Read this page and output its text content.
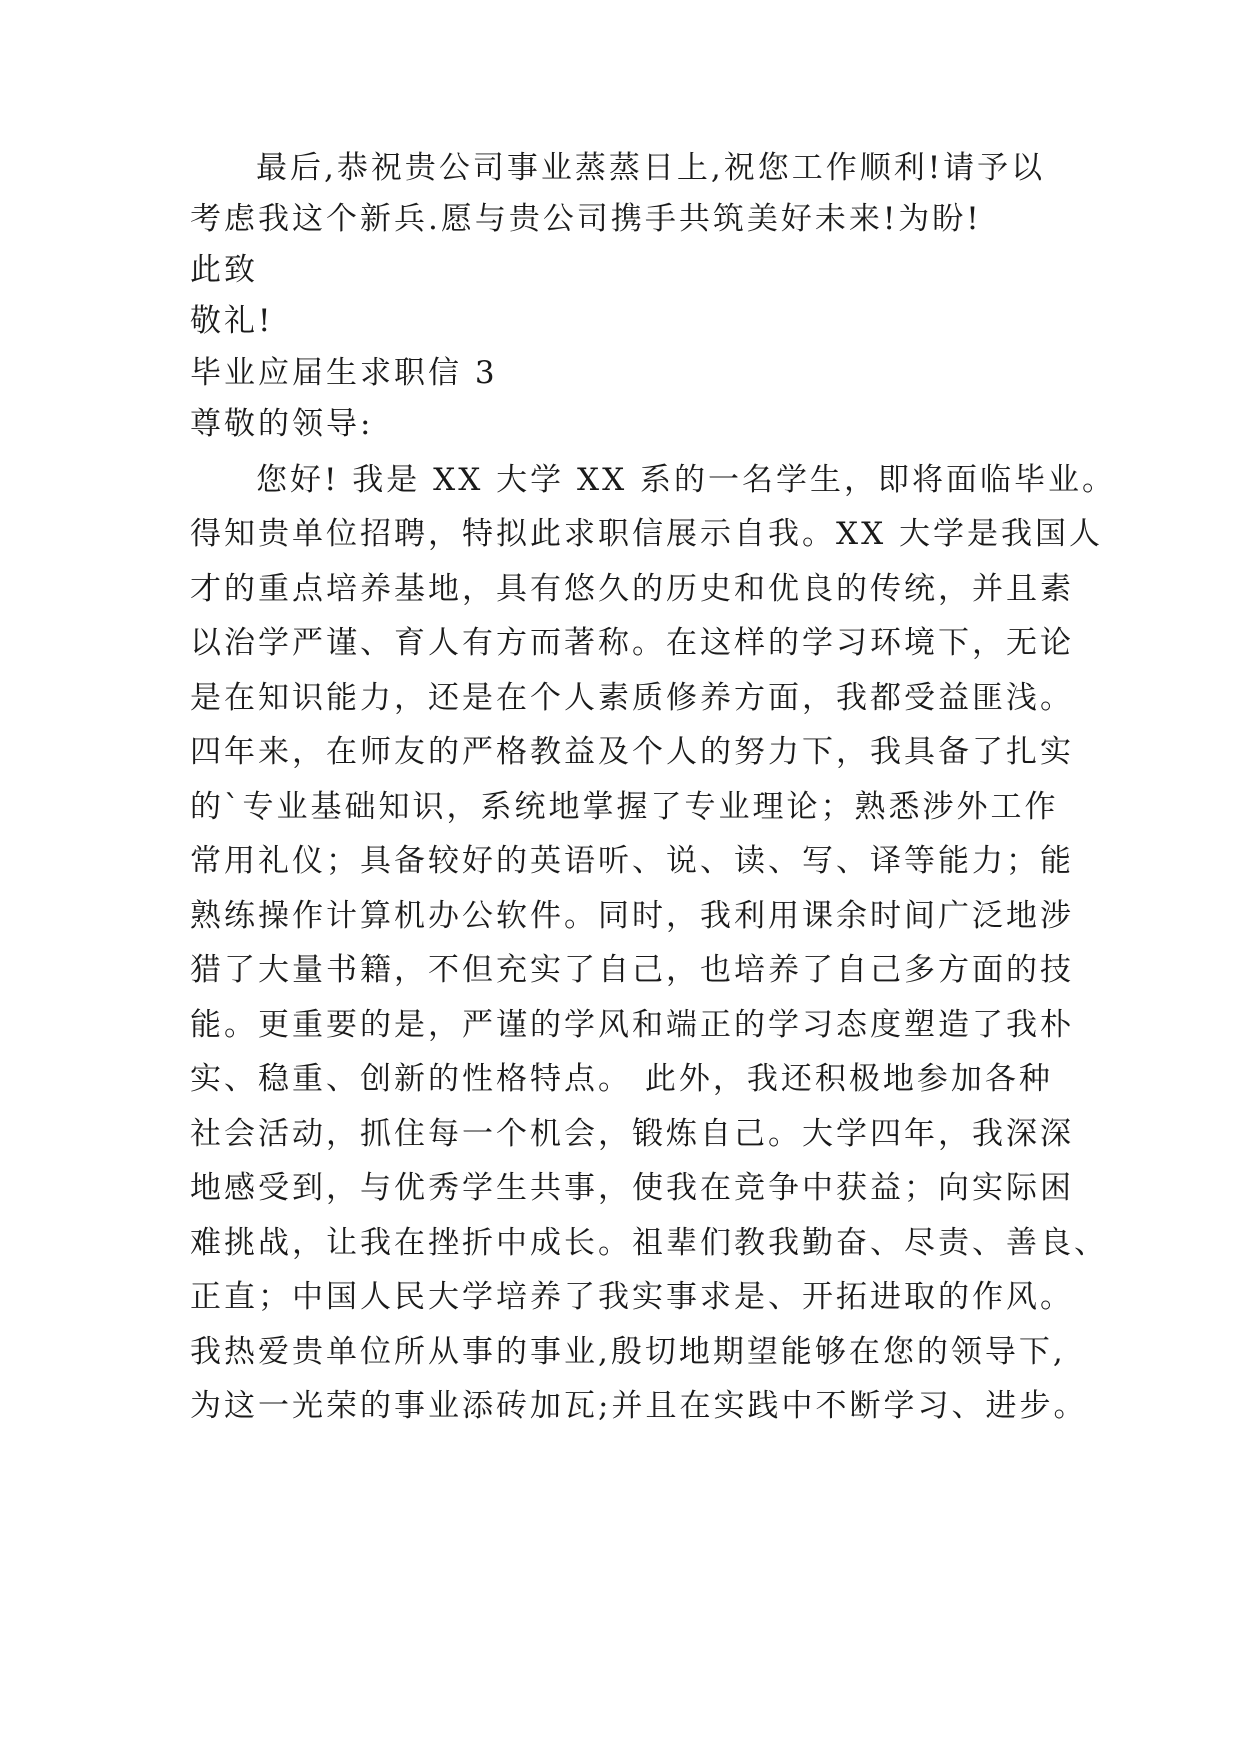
最后,恭祝贵公司事业蒸蒸日上,祝您工作顺利!请予以
考虑我这个新兵.愿与贵公司携手共筑美好未来!为盼!
此致
敬礼!
毕业应届生求职信 3
尊敬的领导:
您好! 我是 XX 大学 XX 系的一名学生，即将面临毕业。
得知贵单位招聘，特拟此求职信展示自我。XX 大学是我国人
才的重点培养基地，具有悠久的历史和优良的传统，并且素
以治学严谨、育人有方而著称。在这样的学习环境下，无论
是在知识能力，还是在个人素质修养方面，我都受益匪浅。
四年来，在师友的严格教益及个人的努力下，我具备了扎实
的`专业基础知识，系统地掌握了专业理论；熟悉涉外工作
常用礼仪；具备较好的英语听、说、读、写、译等能力；能
熟练操作计算机办公软件。同时，我利用课余时间广泛地涉
猎了大量书籍，不但充实了自己，也培养了自己多方面的技
能。更重要的是，严谨的学风和端正的学习态度塑造了我朴
实、稳重、创新的性格特点。 此外，我还积极地参加各种
社会活动，抓住每一个机会，锻炼自己。大学四年，我深深
地感受到，与优秀学生共事，使我在竞争中获益；向实际困
难挑战，让我在挫折中成长。祖辈们教我勤奋、尽责、善良、
正直；中国人民大学培养了我实事求是、开拓进取的作风。
我热爱贵单位所从事的事业,殷切地期望能够在您的领导下,
为这一光荣的事业添砖加瓦;并且在实践中不断学习、进步。
